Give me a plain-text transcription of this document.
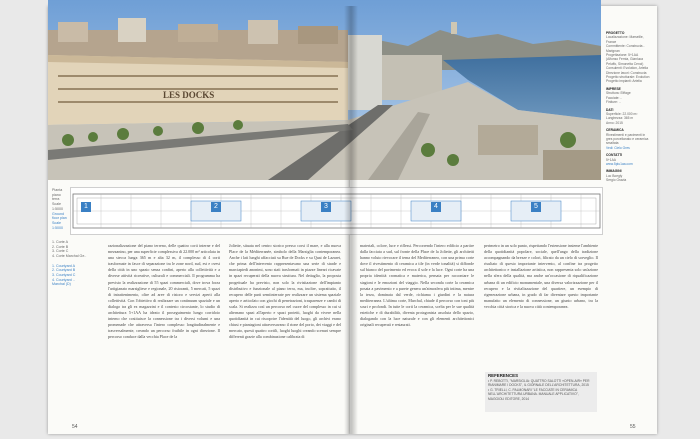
LES DOCKS
1	2	3	4	5
Pianta piano terra
Scale 1:5000
Ground floor plan
Scale 1:5000
1. Corte A
2. Corte B
3. Corte C
4. Corte Marchal Ge..

1. Courtyard A
2. Courtyard B
3. Courtyard C
4. Courtyard ..
Marchal (D)

razionalizzazione del piano terreno, delle quattro corti interne e del mezzanino, per una superficie complessiva di 22.000 m² articolata in una stecca lunga 365 m e alta 32 m, il complesso di 4 corti trasformate in fasce di separazione tra le zone nord, sud, est e ovest della città in uno spazio senza confini, aperto alla collettività e a diverse attività ricreative, culturali e commerciali. Il programma ha previsto la realizzazione di 55 spazi commerciali, dove trova forza l'artigianato marsigliese e regionale, 20 ristoranti, 5 mercati, 5 spazi di intrattenimento, oltre ad aree di ristoro e servizi aperti alla collettività. Con l'obiettivo di realizzare un continuum spaziale e un dialogo tra gli ex magazzini e il contesto circostante, lo studio di architettura 5+1AA ha ideato il proseguimento lungo corridoio interno che costituisce la connessione tra i diversi volumi e una promenade che attraversa l'intero complesso longitudinalmente e trasversalmente, creando un percorso fruibile in ogni direzione. Il percorso conduce dalla vecchia Place de la

Joliette, situata nel centro storico presso corsi il mare, e alla nuova Place de la Méditerranée, simbolo della Marsiglia contemporanea. Anche i lati lunghi affacciati su Rue de Docks e su Quai de Lazaret, che prima dell'intervento rappresentavano una serie di strade e marciapiedi anonimi, sono stati trasformati in piazze lineari ricavate in spazi recuperati della nuova struttura. Nel dettaglio, la proposta progettuale ha previsto, non solo la rivisitazione dell'impianto distributivo e funzionale al piano terra, ma, inoltre, soprattutto, il recupero delle parti semiinterrate per realizzare un sistema spaziale aperto e articolato con giochi di penetrazioni, trasparenze e cambi di scala. Si realizza così un percorso nel cuore del complesso in cui si alternano spazi all'aperto e spazi protetti, luoghi da vivere nella quotidianità in cui riscoprire l'identità del luogo, gli archivi erano chiusi e piantagioni attraversavano il rione del porto, dei viaggi e del mercato, questi quattro cortili, luoghi luoghi creando scenari sempre differenti grazie alla combinazione calibrata di

materiali, colore, luce e riflessi. Percorrendo l'intero edificio a partire dalla facciata a sud, sul fronte della Place de la Joliette, gli architetti hanno voluto rievocare il tema del Mediterraneo, con una prima corte dove il rivestimento di ceramica a tile (in verde tonalità) si diffonde sul bianco del pavimento ed evoca il sole e la luce. Ogni corte ha una propria identità cromatica e materica, pensata per raccontare le stagioni e le emozioni del viaggio. Nella seconda corte la ceramica posata a pavimento e a parete genera un'atmosfera più intima, mentre la terza, dominata dal verde, richiama i giardini e la natura mediterranea. L'ultima corte, Marchal, chiude il percorso con toni più scuri e profondi. In tutte le corti la ceramica, scelta per le sue qualità estetiche e di durabilità, diventa protagonista assoluta dello spazio, dialogando con la luce naturale e con gli elementi architettonici originali recuperati e restaurati.

perimetro in un solo punto, rispettando l'estensione insieme l'ambiente della quotidianità popolare, sociale, quell'ungo della tradizione accompagnando da brezze e colori, filtrato da un cielo di sorveglio. Il risultato di questo importante intervento, al confine tra progetto architettonico e installazione artistica, non rappresenta solo un'azione nella sfera della qualità, ma anche un'occasione di riqualificazione urbana di un edificio monumentale, una diversa valorizzazione per il recupero e la rivitalizzazione del quartiere, un esempio di rigenerazione urbana, in grado di far diventare questo importante manufatto un elemento di connessione, un giunto urbano, tra la vecchia città storica e la nuova città contemporanea.

REFERENCES
• P. REBOTTI, "MARSIGLIA: QUATTRO SALOTTI «OPEN-AIR» PER RIANIMARE I DOCKS", IL GIORNALE DELL'ARCHITETTURA, 2015
• G. TRIELLI, C. PALMONARI "LE FACCIATE IN CERAMICA NELL'ARCHITETTURA URBANA. MANUALE APPLICATIVO", MAGGIOLI EDITORE, 2014
PROGETTO
Localizzazione: Marseille, France
Committente: Constructa - Marignan
Progettazione: 5+1AA (Alfonso Femia, Gianluca Peluffo, Simonetta Cenci)
Consulenti: Evolution, Artelia
Direzione lavori: Constructa
Progetto strutturale: Evolution
Progetto impianti: Artelia
IMPRESE
Struttura: Eiffage
Facciate: ..
Finiture: ..
DATI
Superficie: 22.000 m²
Lunghezza: 365 m
Anno: 2015
CERAMICA
Rivestimenti e pavimenti in gres porcellanato e ceramica smaltata
Vedi: Cielo Gres
CONTATTI
5+1AA
www.5piu1aa.com
IMMAGINI
Luc Boegly
Sergio Grazia
54	55
